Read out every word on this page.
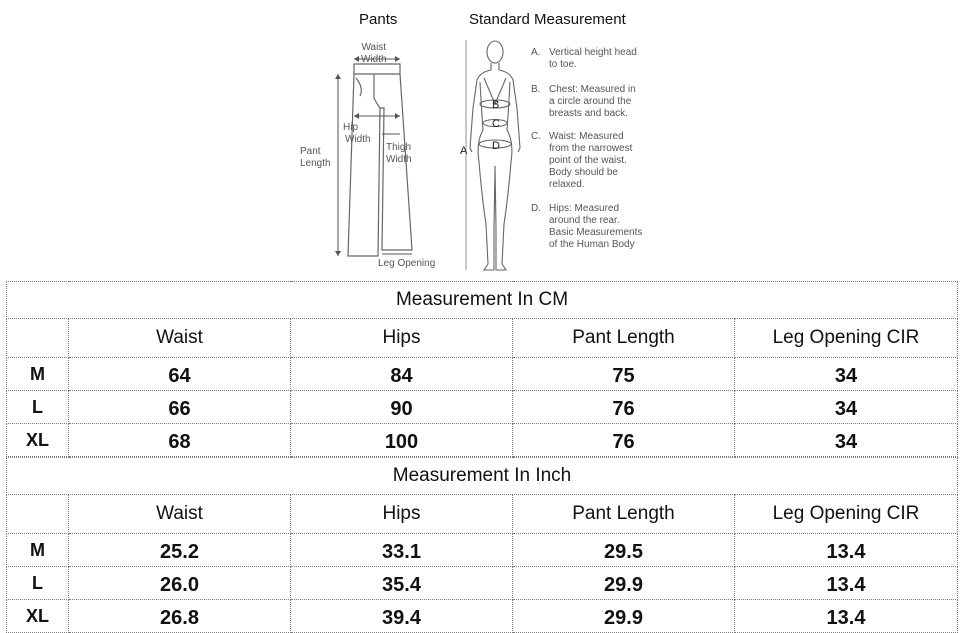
Pants	Standard Measurement
Waist
Width
Hip
Width
Pant
Length
Thigh
Width
Leg Opening
B
C
D
A
A. Vertical height head
to toe.
B. Chest: Measured in
a circle around the
breasts and back.
C. Waist: Measured
from the narrowest
point of the waist.
Body should be
relaxed.
D. Hips: Measured
around the rear.
Basic Measurements
of the Human Body
Measurement In CM				
	Waist	Hips	Pant Length	Leg Opening CIR
M	64	84	75	34
L	66	90	76	34
XL	68	100	76	34
Measurement In Inch				
	Waist	Hips	Pant Length	Leg Opening CIR
M	25.2	33.1	29.5	13.4
L	26.0	35.4	29.9	13.4
XL	26.8	39.4	29.9	13.4
